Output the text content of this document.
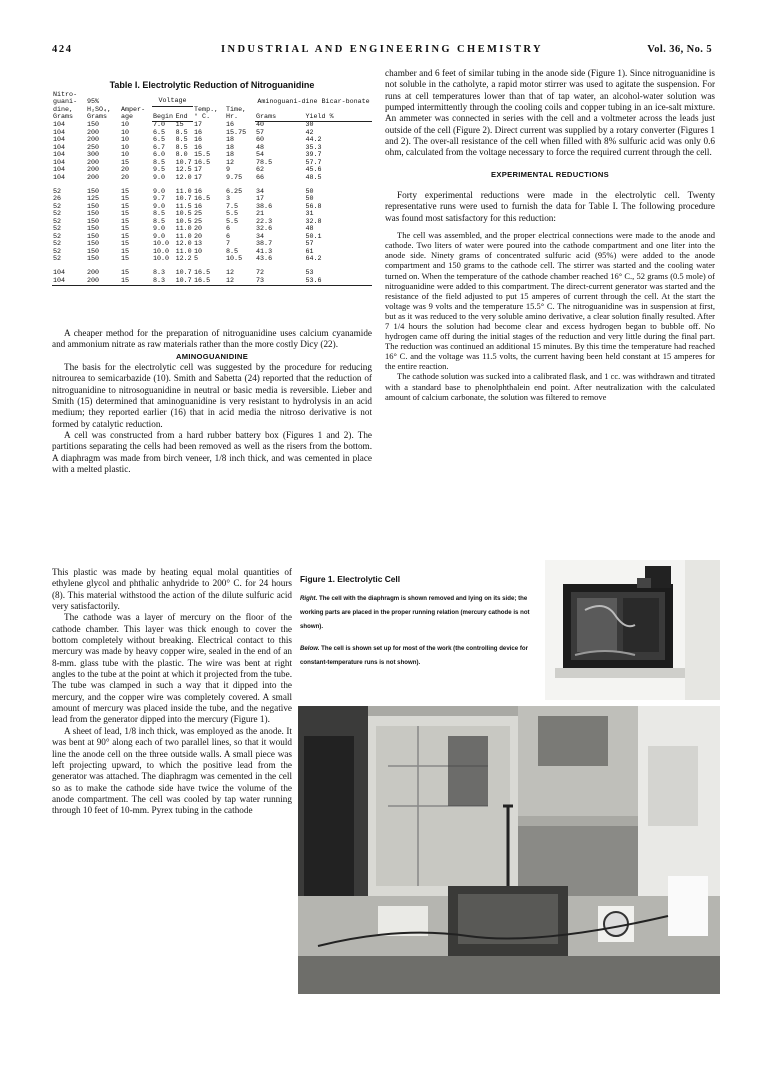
424	INDUSTRIAL AND ENGINEERING CHEMISTRY	Vol. 36, No. 5
Table I. Electrolytic Reduction of Nitroguanidine
Nitro-guani-dine, Grams	95% H₂SO₄, Grams	Amper-age	Voltage		Temp., ° C.	Time, Hr.	Aminoguani-dine Bicar-bonate	
			Begin	End			Grams	Yield %
104	150	10	7.0	15	17	16	40	30
104	200	10	6.5	8.5	16	15.75	57	42
104	200	10	6.5	8.5	16	18	60	44.2
104	250	10	6.7	8.5	16	18	48	35.3
104	300	10	6.0	8.0	15.5	18	54	39.7
104	200	15	8.5	10.7	16.5	12	78.5	57.7
104	200	20	9.5	12.5	17	9	62	45.6
104	200	20	9.0	12.0	17	9.75	66	48.5
52	150	15	9.0	11.0	16	6.25	34	50
26	125	15	9.7	10.7	16.5	3	17	50
52	150	15	9.0	11.5	16	7.5	38.6	56.8
52	150	15	8.5	10.5	25	5.5	21	31
52	150	15	8.5	10.5	25	5.5	22.3	32.8
52	150	15	9.0	11.0	20	6	32.6	48
52	150	15	9.0	11.0	20	6	34	50.1
52	150	15	10.0	12.0	13	7	38.7	57
52	150	15	10.0	11.0	10	8.5	41.3	61
52	150	15	10.0	12.2	5	10.5	43.6	64.2
104	200	15	8.3	10.7	16.5	12	72	53
104	200	15	8.3	10.7	16.5	12	73	53.6

A cheaper method for the preparation of nitroguanidine uses calcium cyanamide and ammonium nitrate as raw materials rather than the more costly Dicy (22).

AMINOGUANIDINE

The basis for the electrolytic cell was suggested by the procedure for reducing nitrourea to semicarbazide (10). Smith and Sabetta (24) reported that the reduction of nitroguanidine to nitrosoguanidine in neutral or basic media is reversible. Lieber and Smith (15) determined that aminoguanidine is very resistant to hydrolysis in an acid medium; they reported earlier (16) that in acid media the nitroso derivative is not formed by catalytic reduction.

A cell was constructed from a hard rubber battery box (Figures 1 and 2). The partitions separating the cells had been removed as well as the risers from the bottom. A diaphragm was made from birch veneer, 1/8 inch thick, and was cemented in place with a melted plastic.

This plastic was made by heating equal molal quantities of ethylene glycol and phthalic anhydride to 200° C. for 24 hours (8). This material withstood the action of the dilute sulfuric acid very satisfactorily.

The cathode was a layer of mercury on the floor of the cathode chamber. This layer was thick enough to cover the bottom completely without breaking. Electrical contact to this mercury was made by heavy copper wire, sealed in the end of an 8-mm. glass tube with the plastic. The wire was bent at right angles to the tube at the point at which it projected from the tube. The tube was clamped in such a way that it dipped into the mercury, and the copper wire was completely covered. A small amount of mercury was placed inside the tube, and the negative lead from the generator dipped into the mercury (Figure 1).

A sheet of lead, 1/8 inch thick, was employed as the anode. It was bent at 90° along each of two parallel lines, so that it would line the anode cell on the three outside walls. A small piece was left projecting upward, to which the positive lead from the generator was attached. The diaphragm was cemented in the cell so as to make the cathode side have twice the volume of the anode compartment. The cell was cooled by tap water running through 10 feet of 10-mm. Pyrex tubing in the cathode

chamber and 6 feet of similar tubing in the anode side (Figure 1). Since nitroguanidine is not soluble in the catholyte, a rapid motor stirrer was used to agitate the suspension. For runs at cell temperatures lower than that of tap water, an alcohol-water solution was pumped intermittently through the cooling coils and copper tubing in an ice-salt mixture. An ammeter was connected in series with the cell and a voltmeter across the leads just outside of the cell (Figure 2). Direct current was supplied by a rotary converter (Figures 1 and 2). The over-all resistance of the cell when filled with 8% sulfuric acid was only 0.6 ohm, calculated from the voltage necessary to force the required current through the cell.

EXPERIMENTAL REDUCTIONS

Forty experimental reductions were made in the electrolytic cell. Twenty representative runs were used to furnish the data for Table I. The following procedure was found most satisfactory for this reduction:

The cell was assembled, and the proper electrical connections were made to the anode and cathode. Two liters of water were poured into the cathode compartment and one liter into the anode side. Ninety grams of concentrated sulfuric acid (95%) were added to the anode compartment and 150 grams to the cathode cell. The stirrer was started and the cooling water turned on. When the temperature of the cathode chamber reached 16° C., 52 grams (0.5 mole) of nitroguanidine were added to this compartment. The direct-current generator was started and the resistance of the field adjusted to put 15 amperes of current through the cell. At the start the voltage was 9 volts and the temperature 15.5° C. The nitroguanidine was in suspension at first, but as it was reduced to the very soluble amino derivative, a clear solution finally resulted. After 7 1/4 hours the solution had become clear and excess hydrogen began to bubble off. No hydrogen came off during the initial stages of the reduction and very little during the final part. The reduction was continued an additional 15 minutes. By this time the temperature had reached 16° C. and the voltage was 11.5 volts, the current having been held constant at 15 amperes for the entire reaction.

The cathode solution was sucked into a calibrated flask, and 1 cc. was withdrawn and titrated with a standard base to phenolphthalein end point. After neutralization with the calculated amount of calcium carbonate, the solution was filtered to remove

Figure 1. Electrolytic Cell
Right. The cell with the diaphragm is shown removed and lying on its side; the working parts are placed in the proper running relation (mercury cathode is not shown).
Below. The cell is shown set up for most of the work (the controlling device for constant-temperature runs is not shown).
